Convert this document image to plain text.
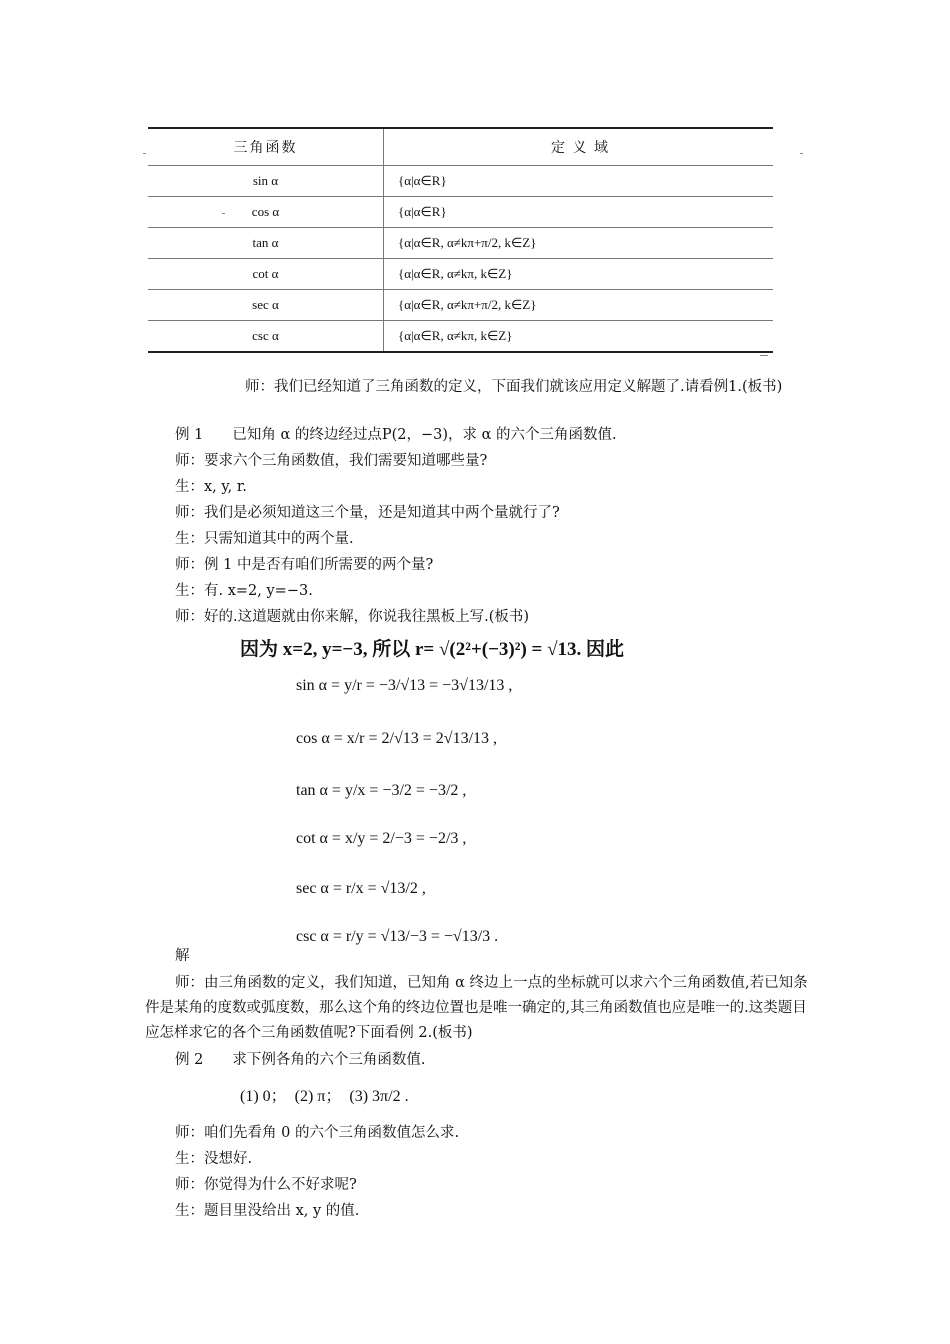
三角函数	定 义 域
sin α	{α|α∈R}
cos α	{α|α∈R}
tan α	{α|α∈R, α≠kπ+π/2, k∈Z}
cot α	{α|α∈R, α≠kπ, k∈Z}
sec α	{α|α∈R, α≠kπ+π/2, k∈Z}
csc α	{α|α∈R, α≠kπ, k∈Z}
师：我们已经知道了三角函数的定义，下面我们就该应用定义解题了.请看例1.(板书)
例 1　　已知角 α 的终边经过点P(2，−3)，求 α 的六个三角函数值.
师：要求六个三角函数值，我们需要知道哪些量?
生：x, y, r.
师：我们是必须知道这三个量，还是知道其中两个量就行了?
生：只需知道其中的两个量.
师：例 1 中是否有咱们所需要的两个量?
生：有. x=2, y=−3.
师：好的.这道题就由你来解，你说我往黑板上写.(板书)
因为 x=2, y=−3, 所以 r= √(2²+(−3)²) = √13. 因此
sin α = y/r = −3/√13 = −3√13/13 ,
cos α = x/r = 2/√13 = 2√13/13 ,
tan α = y/x = −3/2 = −3/2 ,
cot α = x/y = 2/−3 = −2/3 ,
sec α = r/x = √13/2 ,
csc α = r/y = √13/−3 = −√13/3 .
解
师：由三角函数的定义，我们知道，已知角 α 终边上一点的坐标就可以求六个三角函数值,若已知条件是某角的度数或弧度数，那么这个角的终边位置也是唯一确定的,其三角函数值也应是唯一的.这类题目应怎样求它的各个三角函数值呢?下面看例 2.(板书)
例 2　　求下例各角的六个三角函数值.
(1) 0；　(2) π；　(3) 3π/2 .
师：咱们先看角 0 的六个三角函数值怎么求.
生：没想好.
师：你觉得为什么不好求呢?
生：题目里没给出 x, y 的值.
